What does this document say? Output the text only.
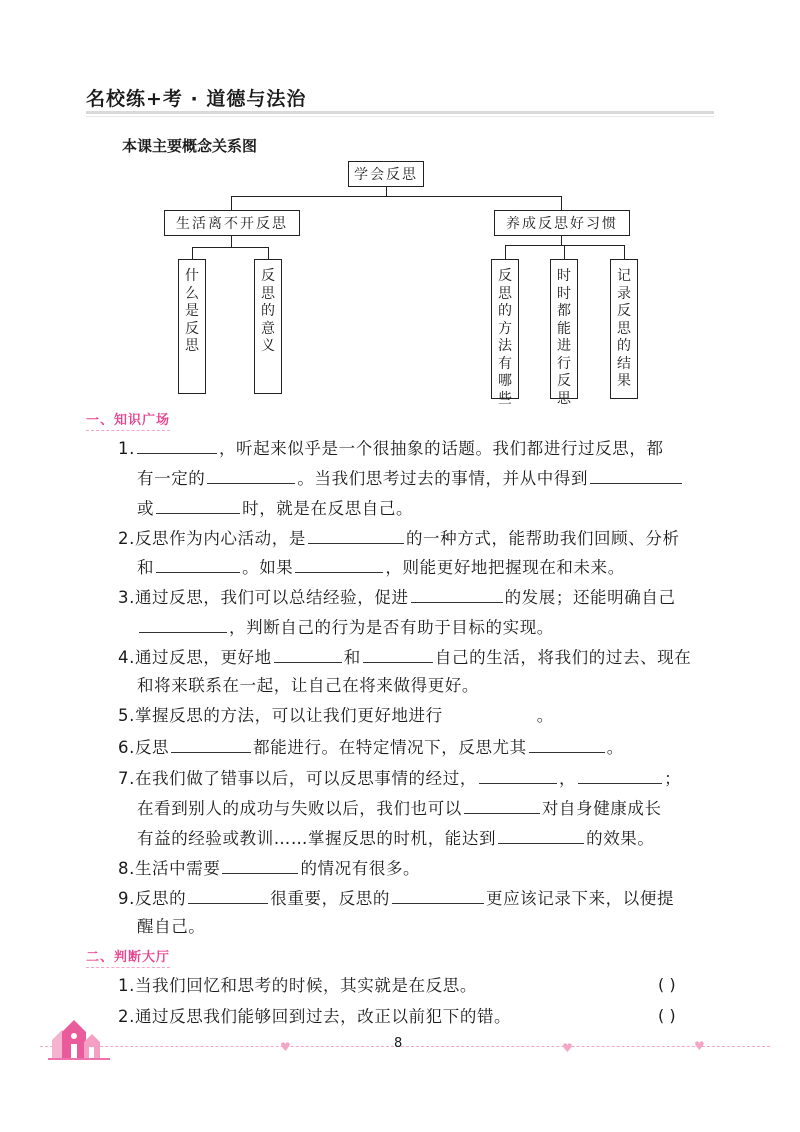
名校练+考 · 道德与法治
本课主要概念关系图
学会反思
生活离不开反思	养成反思好习惯
什么是反思
反思的意义
反思的方法有哪些
时时都能进行反思
记录反思的结果
一、知识广场
1.	，听起来似乎是一个很抽象的话题。我们都进行过反思，都
有一定的	。当我们思考过去的事情，并从中得到
或	时，就是在反思自己。
2.反思作为内心活动，是	的一种方式，能帮助我们回顾、分析
和	。如果	，则能更好地把握现在和未来。
3.通过反思，我们可以总结经验，促进	的发展；还能明确自己
，判断自己的行为是否有助于目标的实现。
4.通过反思，更好地	和	自己的生活，将我们的过去、现在
和将来联系在一起，让自己在将来做得更好。
5.掌握反思的方法，可以让我们更好地进行	。
6.反思	都能进行。在特定情况下，反思尤其	。
7.在我们做了错事以后，可以反思事情的经过，	，	；
在看到别人的成功与失败以后，我们也可以	对自身健康成长
有益的经验或教训……掌握反思的时机，能达到	的效果。
8.生活中需要	的情况有很多。
9.反思的	很重要，反思的	更应该记录下来，以便提
醒自己。
二、判断大厅
1.当我们回忆和思考的时候，其实就是在反思。	( )
2.通过反思我们能够回到过去，改正以前犯下的错。	( )
8
♥	♥	♥
